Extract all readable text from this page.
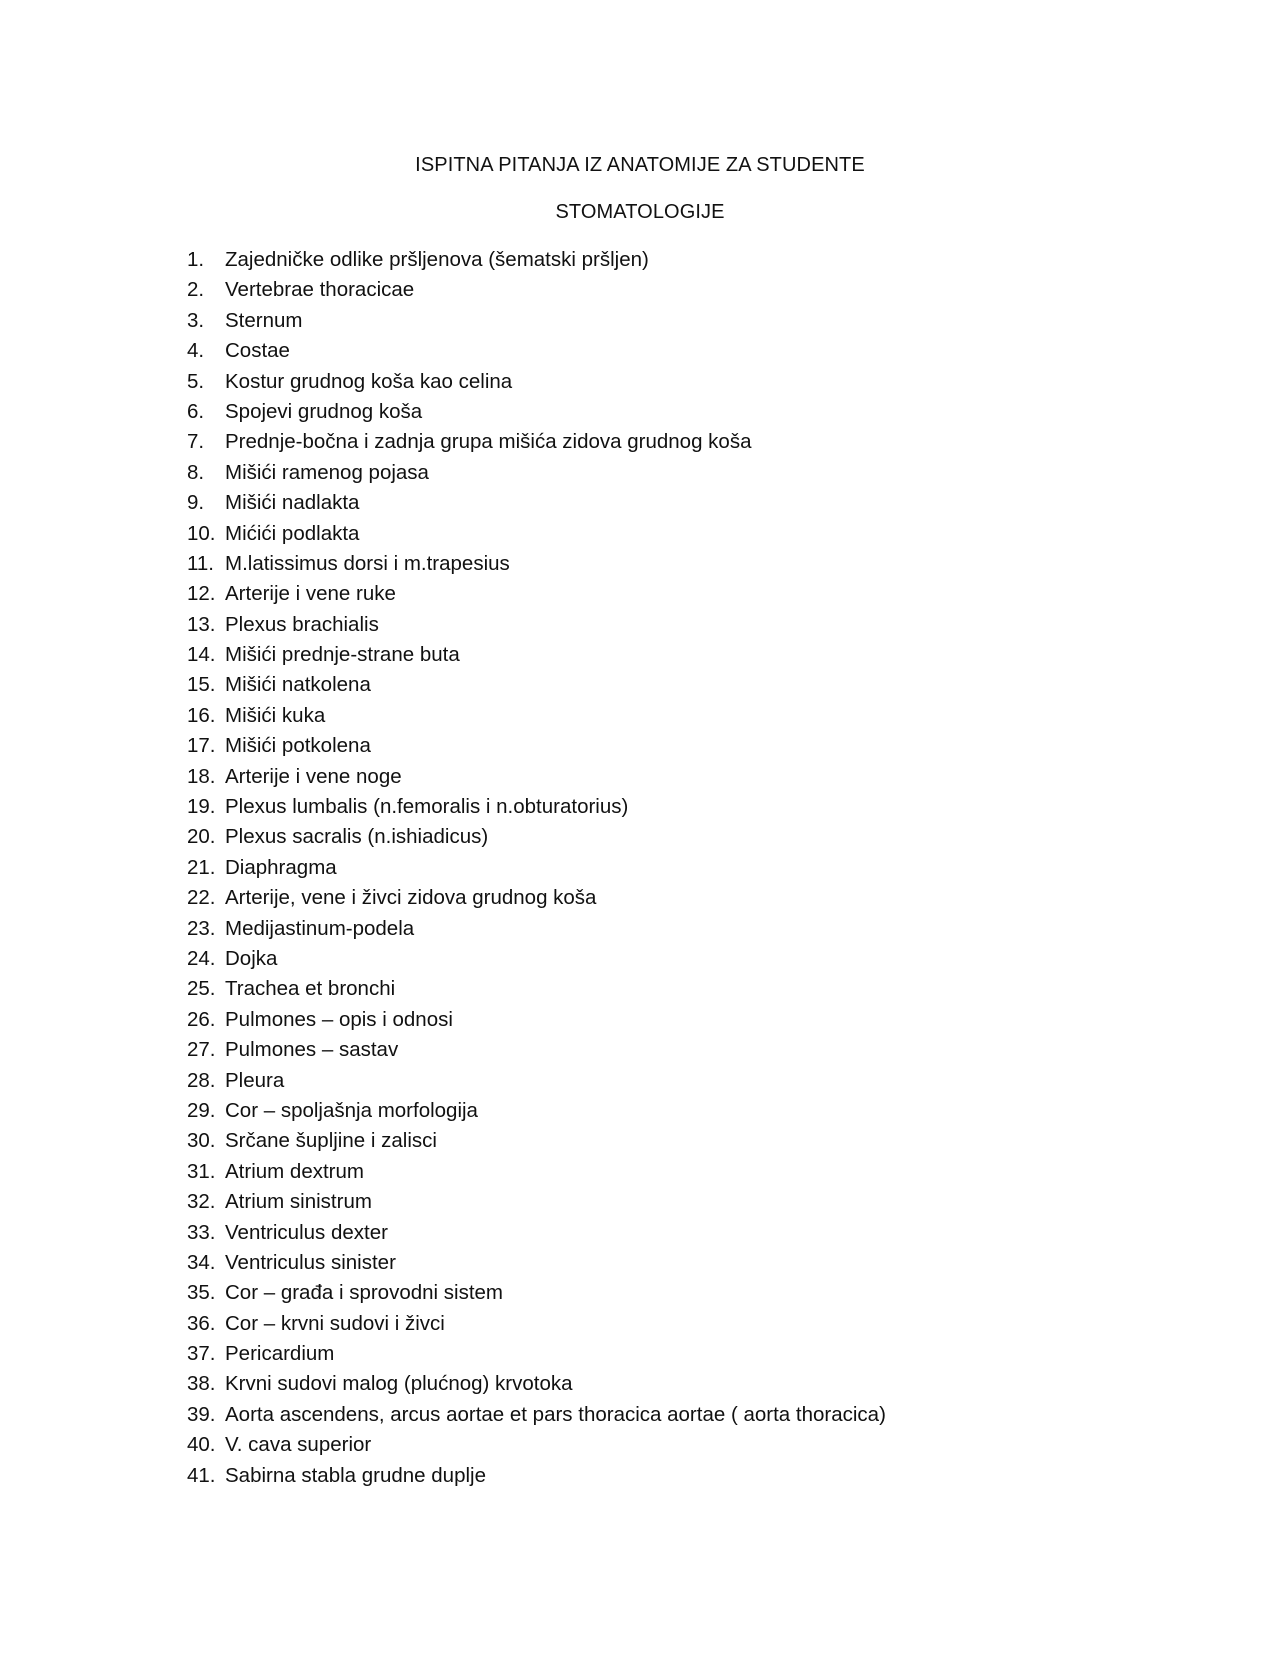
ISPITNA PITANJA IZ ANATOMIJE ZA STUDENTE
STOMATOLOGIJE
1.	Zajedničke odlike pršljenova (šematski pršljen)
2.	Vertebrae thoracicae
3.	Sternum
4.	Costae
5.	Kostur grudnog koša kao celina
6.	Spojevi grudnog koša
7.	Prednje-bočna i zadnja grupa mišića zidova grudnog koša
8.	Mišići ramenog pojasa
9.	Mišići nadlakta
10. Mićići podlakta
11. M.latissimus dorsi i m.trapesius
12. Arterije i vene ruke
13. Plexus brachialis
14. Mišići prednje-strane buta
15. Mišići natkolena
16. Mišići kuka
17. Mišići potkolena
18. Arterije i vene noge
19. Plexus lumbalis (n.femoralis i n.obturatorius)
20. Plexus sacralis (n.ishiadicus)
21. Diaphragma
22. Arterije, vene i živci zidova grudnog koša
23. Medijastinum-podela
24. Dojka
25. Trachea et bronchi
26. Pulmones – opis i odnosi
27. Pulmones – sastav
28. Pleura
29. Cor – spoljašnja morfologija
30. Srčane šupljine i zalisci
31. Atrium dextrum
32. Atrium sinistrum
33. Ventriculus dexter
34. Ventriculus sinister
35. Cor – građa i sprovodni sistem
36. Cor – krvni sudovi i živci
37. Pericardium
38. Krvni sudovi malog (plućnog) krvotoka
39. Aorta ascendens, arcus aortae et pars thoracica aortae ( aorta thoracica)
40. V. cava superior
41. Sabirna stabla grudne duplje
